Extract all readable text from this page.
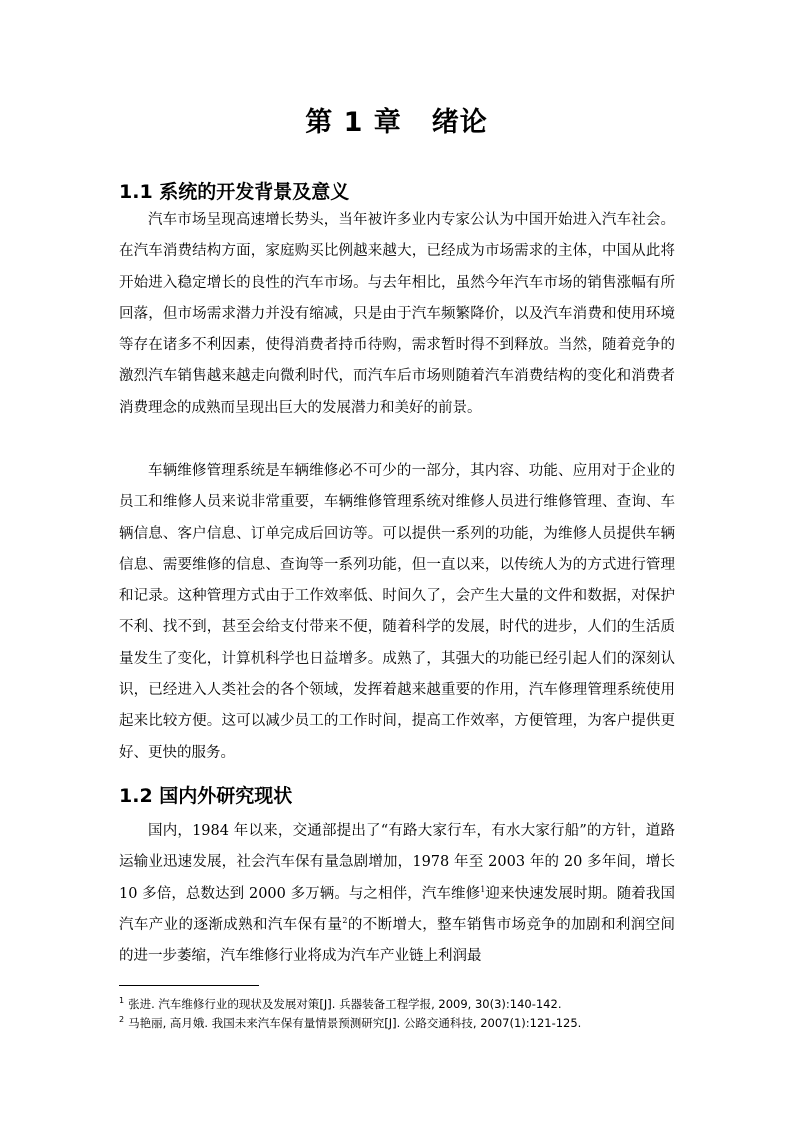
第 1 章 绪论
1.1 系统的开发背景及意义

汽车市场呈现高速增长势头，当年被许多业内专家公认为中国开始进入汽车社会。在汽车消费结构方面，家庭购买比例越来越大，已经成为市场需求的主体，中国从此将开始进入稳定增长的良性的汽车市场。与去年相比，虽然今年汽车市场的销售涨幅有所回落，但市场需求潜力并没有缩减，只是由于汽车频繁降价，以及汽车消费和使用环境等存在诸多不利因素，使得消费者持币待购，需求暂时得不到释放。当然，随着竞争的激烈汽车销售越来越走向微利时代，而汽车后市场则随着汽车消费结构的变化和消费者消费理念的成熟而呈现出巨大的发展潜力和美好的前景。

车辆维修管理系统是车辆维修必不可少的一部分，其内容、功能、应用对于企业的员工和维修人员来说非常重要，车辆维修管理系统对维修人员进行维修管理、查询、车辆信息、客户信息、订单完成后回访等。可以提供一系列的功能，为维修人员提供车辆信息、需要维修的信息、查询等一系列功能，但一直以来，以传统人为的方式进行管理和记录。这种管理方式由于工作效率低、时间久了，会产生大量的文件和数据，对保护不利、找不到，甚至会给支付带来不便，随着科学的发展，时代的进步，人们的生活质量发生了变化，计算机科学也日益增多。成熟了，其强大的功能已经引起人们的深刻认识，已经进入人类社会的各个领域，发挥着越来越重要的作用，汽车修理管理系统使用起来比较方便。这可以减少员工的工作时间，提高工作效率，方便管理，为客户提供更好、更快的服务。

1.2 国内外研究现状

国内，1984 年以来，交通部提出了“有路大家行车，有水大家行船”的方针，道路运输业迅速发展，社会汽车保有量急剧增加，1978 年至 2003 年的 20 多年间，增长 10 多倍，总数达到 2000 多万辆。与之相伴，汽车维修$^1$迎来快速发展时期。随着我国汽车产业的逐渐成熟和汽车保有量$^2$的不断增大，整车销售市场竞争的加剧和利润空间的进一步萎缩，汽车维修行业将成为汽车产业链上利润最

$^1$ 张进. 汽车维修行业的现状及发展对策[J]. 兵器装备工程学报, 2009, 30(3):140-142.
$^2$ 马艳丽, 高月娥. 我国未来汽车保有量情景预测研究[J]. 公路交通科技, 2007(1):121-125.
